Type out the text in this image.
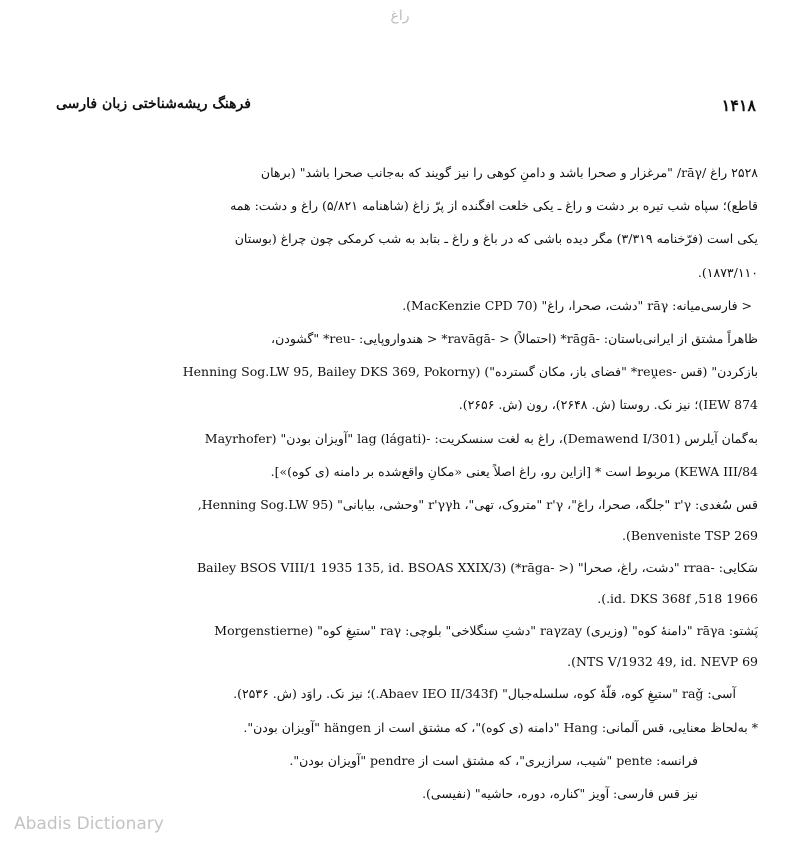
راغ
۱۴۱۸
فرهنگ ریشه‌شناختی زبان فارسی
۲۵۲۸ راغ /rāγ/ "مرغزار و صحرا باشد و دامنِ کوهی را نیز گویند که به‌جانب صحرا باشد" (برهان
قاطع)؛ سپاه شب تیره بر دشت و راغ ـ یکی خلعت افگنده از پرّ زاغ (شاهنامه ۵/۸۲۱) راغ و دشت: همه
یکی است (فرّخنامه ۳/۳۱۹) مگر دیده باشی که در باغ و راغ ـ بتابد به شب کرمکی چون چراغ (بوستان
۱۸۷۳/۱۱۰).
< فارسی‌میانه: rāγ "دشت، صحرا، راغ" (MacKenzie CPD 70).
ظاهراً مشتق از ایرانی‌باستان: -rāgā* (احتمالاً) < -ravāgā* < هندواروپایی: -reu* "گشودن،
بازکردن" (قس -reṷes* "فضای باز، مکان گسترده") (Henning Sog.LW 95, Bailey DKS 369, Pokorny
IEW 874)؛ نیز نک. روستا (ش. ۲۶۴۸)، رون (ش. ۲۶۵۶).
به‌گمان آیلرس (Demawend I/301)، راغ به لغت سنسکریت: -lag (lágati) "آویزان بودن" (Mayrhofer
KEWA III/84) مربوط است * [ازاین رو، راغ اصلاً یعنی «مکانِ واقع‌شده بر دامنه (ی کوه)»].
قس سُغدی: r'γ "جلگه، صحرا، راغ"، r'γ "متروک، تهی"، r'γγh "وحشی، بیابانی" (Henning Sog.LW 95,
Benveniste TSP 269).
سَکایی: -rraa "دشت، راغ، صحرا" (< -rāga*) (Bailey BSOS VIII/1 1935 135, id. BSOAS XXIX/3
1966 518, id. DKS 368f.).
پَشتو: rāγa "دامنهٔ کوه" (وزیری) raγzay "دشتِ سنگلاخی" بلوچی: raγ "ستیغِ کوه" (Morgenstierne
NTS V/1932 49, id. NEVP 69).
آسی: raǧ "ستیغِ کوه، قلّهٔ کوه، سلسله‌جبال" (Abaev IEO II/343f.)؛ نیز نک. راوَد (ش. ۲۵۳۶).
* به‌لحاظ معنایی، قس آلمانی: Hang "دامنه (ی کوه)"، که مشتق است از hängen "آویزان بودن".
فرانسه: pente "شیب، سرازیری"، که مشتق است از pendre "آویزان بودن".
نیز قس فارسی: آویز "کناره، دوره، حاشیه" (نفیسی).
Abadis Dictionary
